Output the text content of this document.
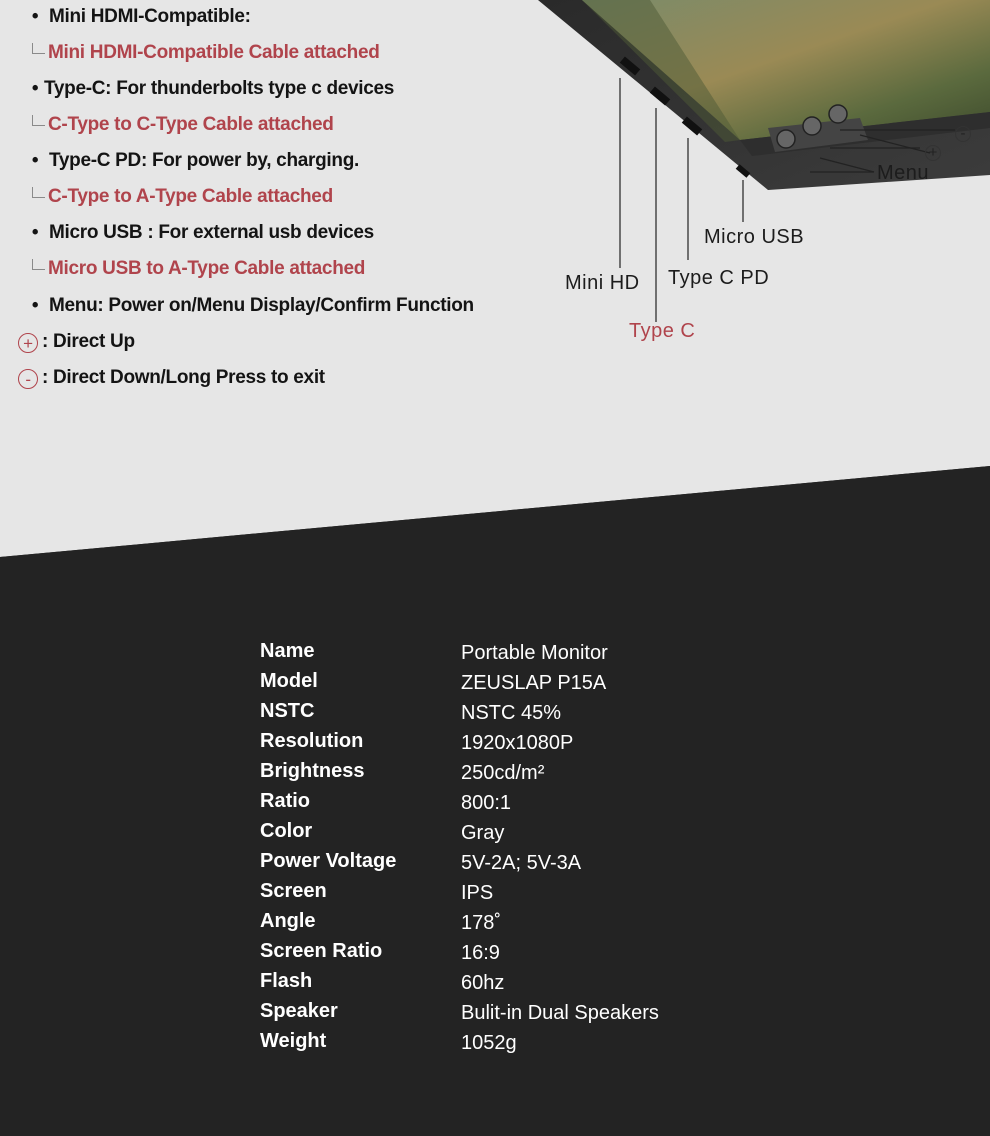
• Mini HDMI-Compatible:
Mini HDMI-Compatible Cable attached
• Type-C: For thunderbolts type c devices
C-Type to C-Type Cable attached
• Type-C PD: For power by, charging.
C-Type to A-Type Cable attached
• Micro USB : For external usb devices
Micro USB to A-Type Cable attached
• Menu: Power on/Menu Display/Confirm Function
+ : Direct Up
- : Direct Down/Long Press to exit
Mini HD
Type C
Type C PD
Micro USB
Menu
-
+
Name	Portable Monitor
Model	ZEUSLAP P15A
NSTC	NSTC 45%
Resolution	1920x1080P
Brightness	250cd/m²
Ratio	800:1
Color	Gray
Power Voltage	5V-2A; 5V-3A
Screen	IPS
Angle	178˚
Screen Ratio	16:9
Flash	60hz
Speaker	Bulit-in Dual Speakers
Weight	1052g
